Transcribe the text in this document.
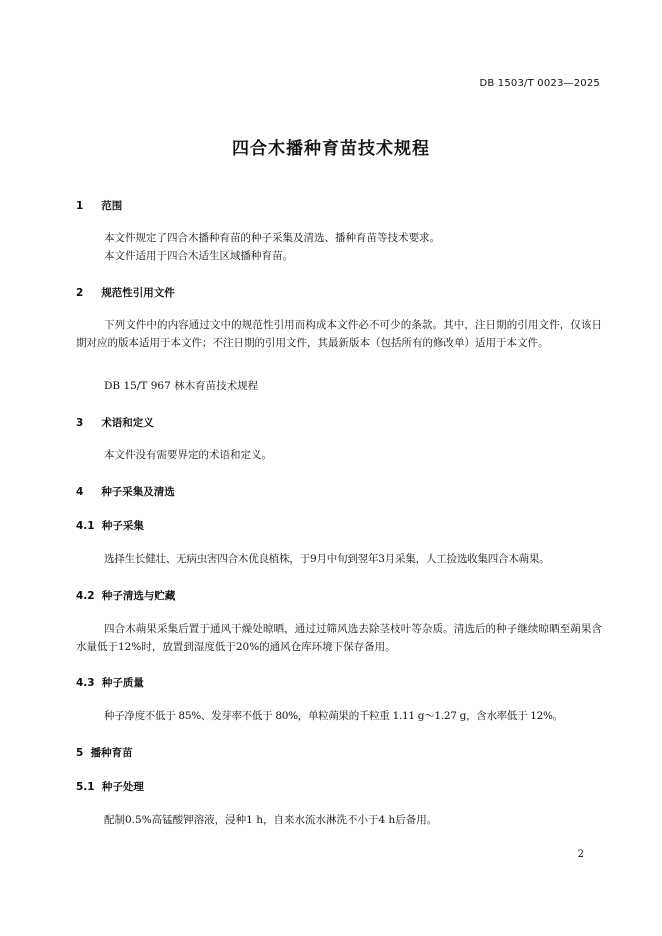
DB 1503/T 0023—2025
四合木播种育苗技术规程
1 范围
本文件规定了四合木播种育苗的种子采集及清选、播种育苗等技术要求。
本文件适用于四合木适生区域播种育苗。
2 规范性引用文件
下列文件中的内容通过文中的规范性引用而构成本文件必不可少的条款。其中，注日期的引用文件，仅该日期对应的版本适用于本文件；不注日期的引用文件，其最新版本（包括所有的修改单）适用于本文件。
DB 15/T 967 林木育苗技术规程
3 术语和定义
本文件没有需要界定的术语和定义。
4 种子采集及清选
4.1 种子采集
选择生长健壮、无病虫害四合木优良植株，于9月中旬到翌年3月采集，人工捡选收集四合木蒴果。
4.2 种子清选与贮藏
四合木蒴果采集后置于通风干燥处晾晒，通过过筛风选去除茎枝叶等杂质。清选后的种子继续晾晒至蒴果含水量低于12%时，放置到湿度低于20%的通风仓库环境下保存备用。
4.3 种子质量
种子净度不低于 85%、发芽率不低于 80%，单粒蒴果的千粒重 1.11 g～1.27 g，含水率低于 12%。
5 播种育苗
5.1 种子处理
配制0.5%高锰酸钾溶液，浸种1 h，自来水流水淋洗不小于4 h后备用。
2
